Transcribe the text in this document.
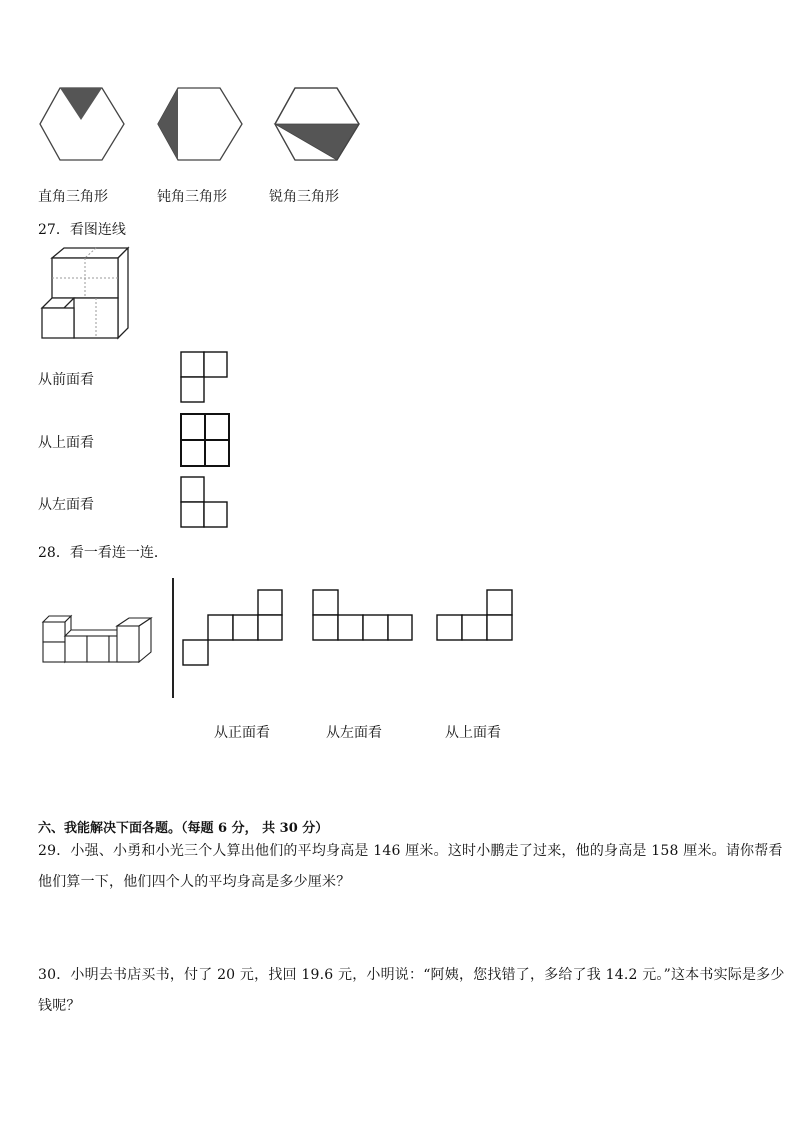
直角三角形	钝角三角形	锐角三角形
27．看图连线
从前面看
从上面看
从左面看
28．看一看连一连．
从正面看	从左面看	从上面看
六、我能解决下面各题。（每题 6 分， 共 30 分）
29．小强、小勇和小光三个人算出他们的平均身高是 146 厘米。这时小鹏走了过来，他的身高是 158 厘米。请你帮看
他们算一下，他们四个人的平均身高是多少厘米？
30．小明去书店买书，付了 20 元，找回 19.6 元，小明说：“阿姨，您找错了，多给了我 14.2 元。”这本书实际是多少
钱呢？
